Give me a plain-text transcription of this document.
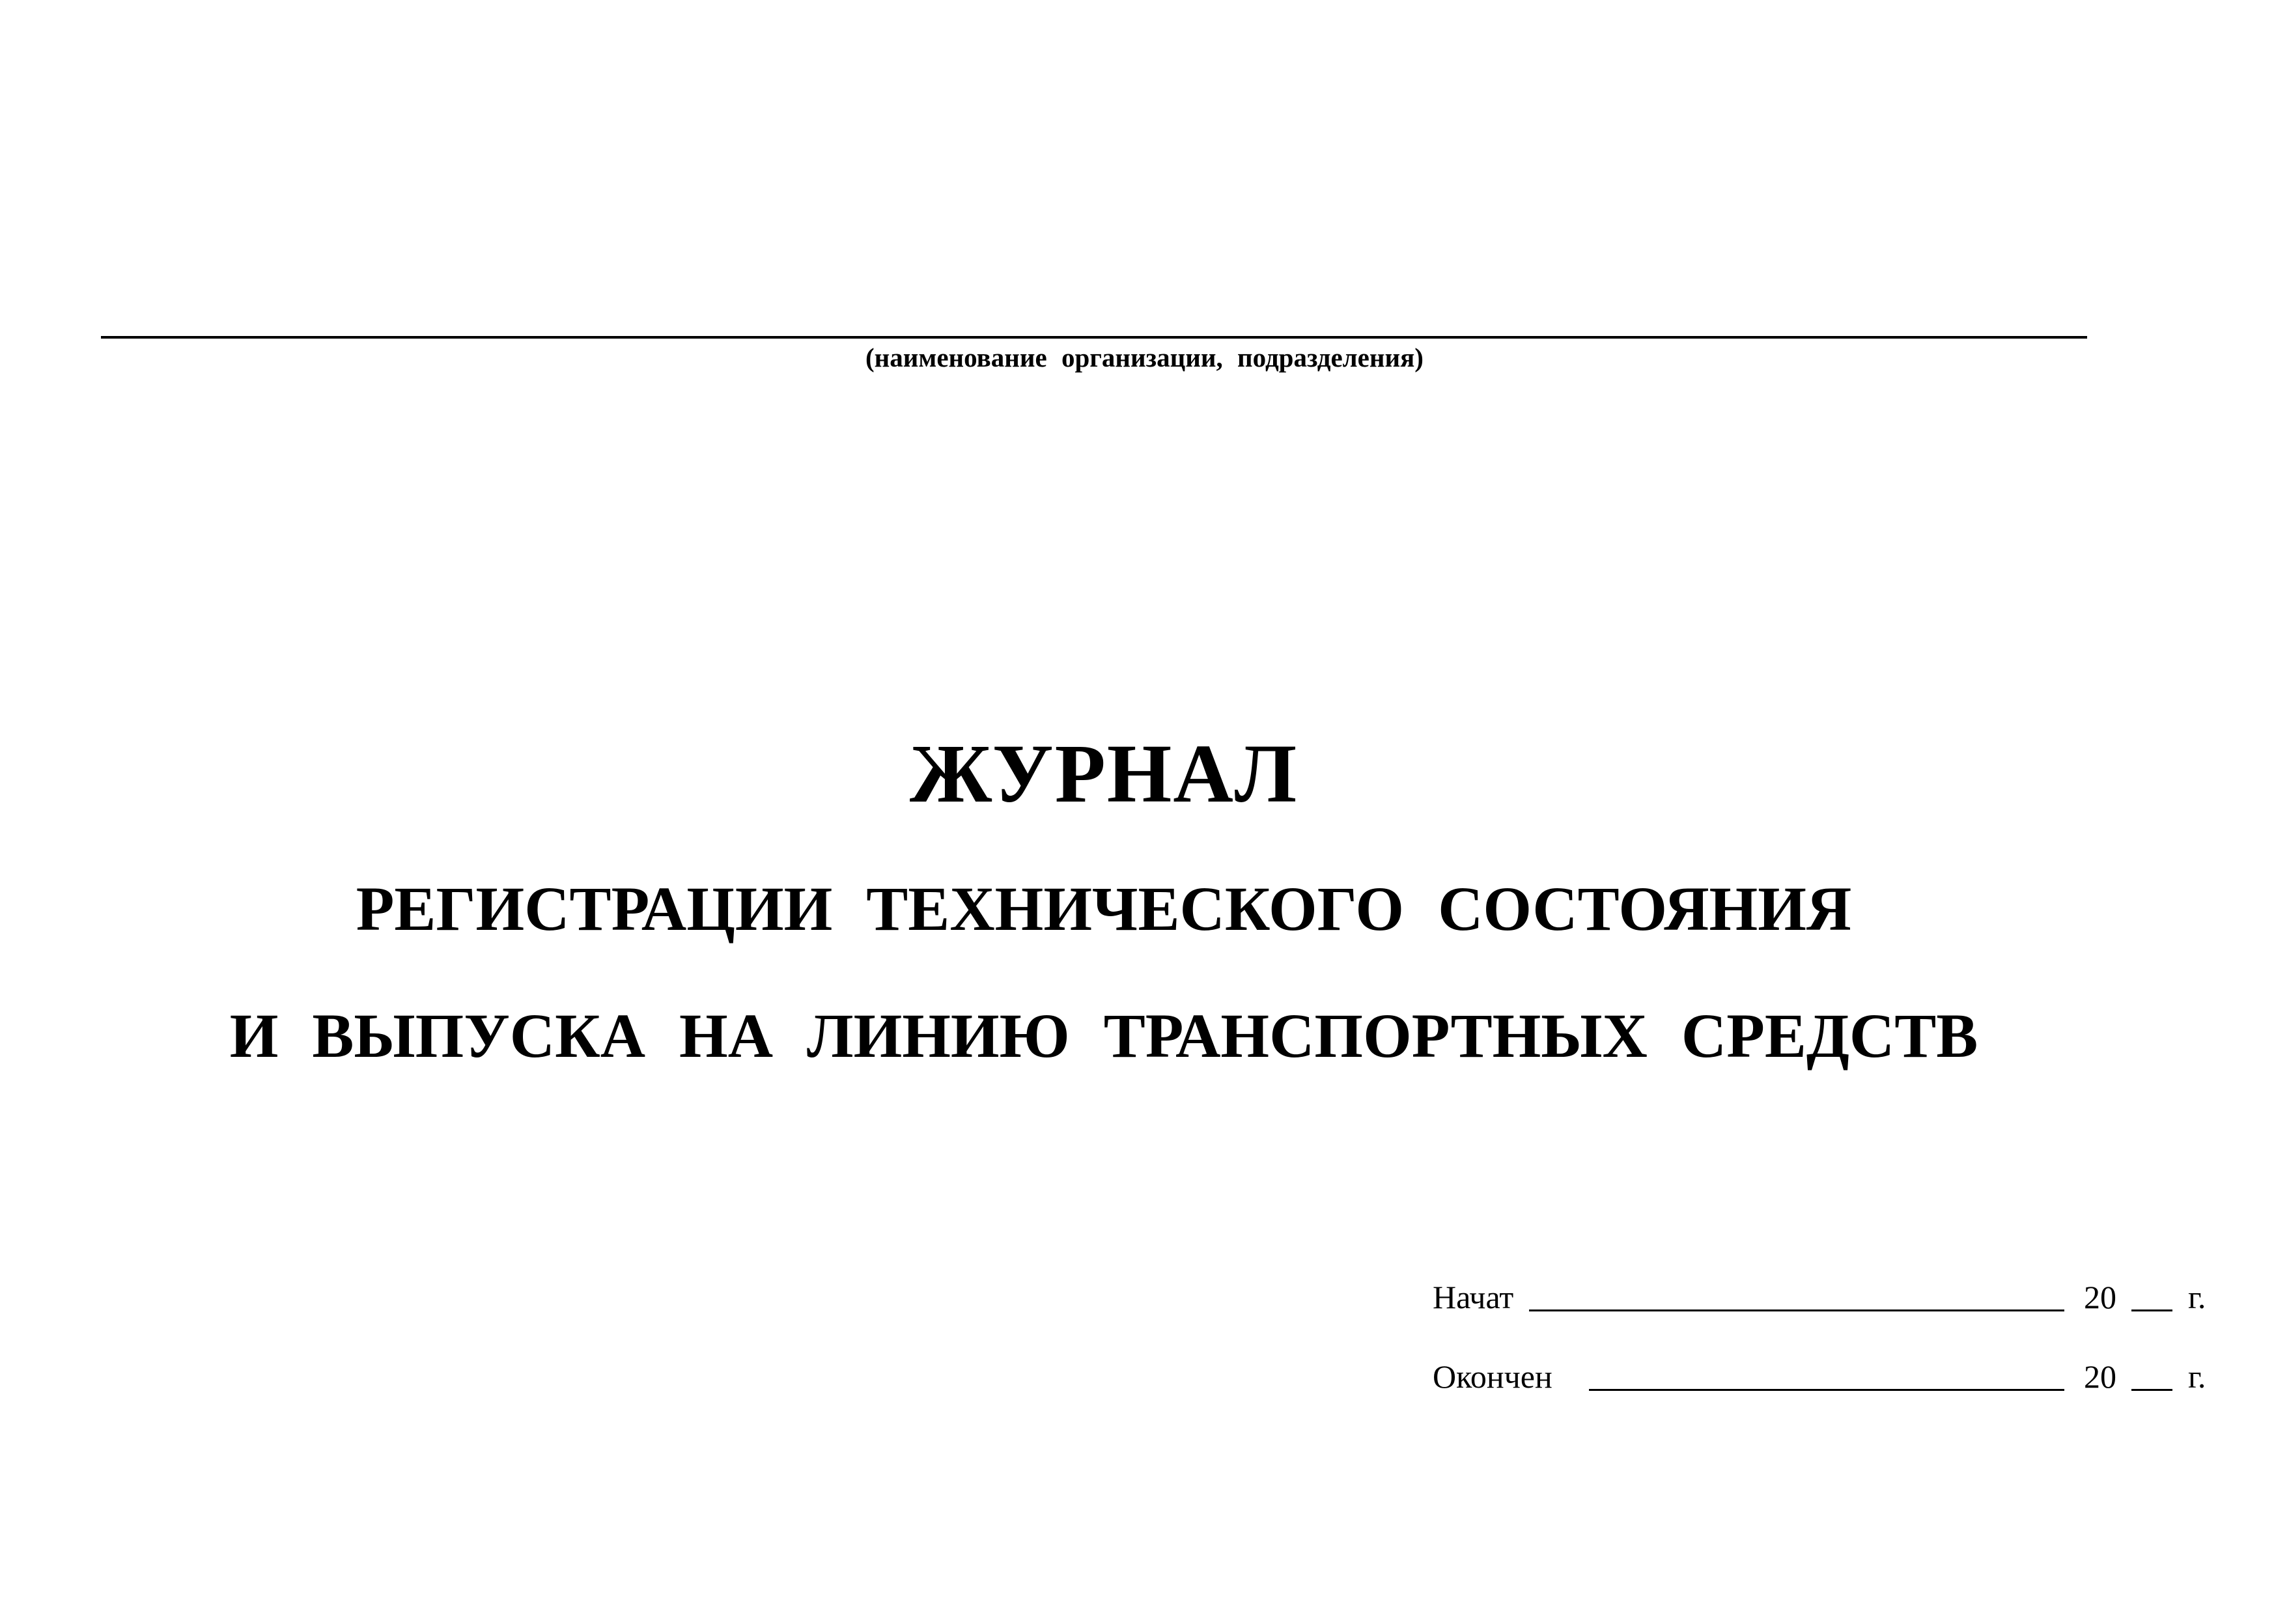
(наименование организации, подразделения)
ЖУРНАЛ
РЕГИСТРАЦИИ ТЕХНИЧЕСКОГО СОСТОЯНИЯ
И ВЫПУСКА НА ЛИНИЮ ТРАНСПОРТНЫХ СРЕДСТВ
Начат	20 г.
Окончен	20 г.
